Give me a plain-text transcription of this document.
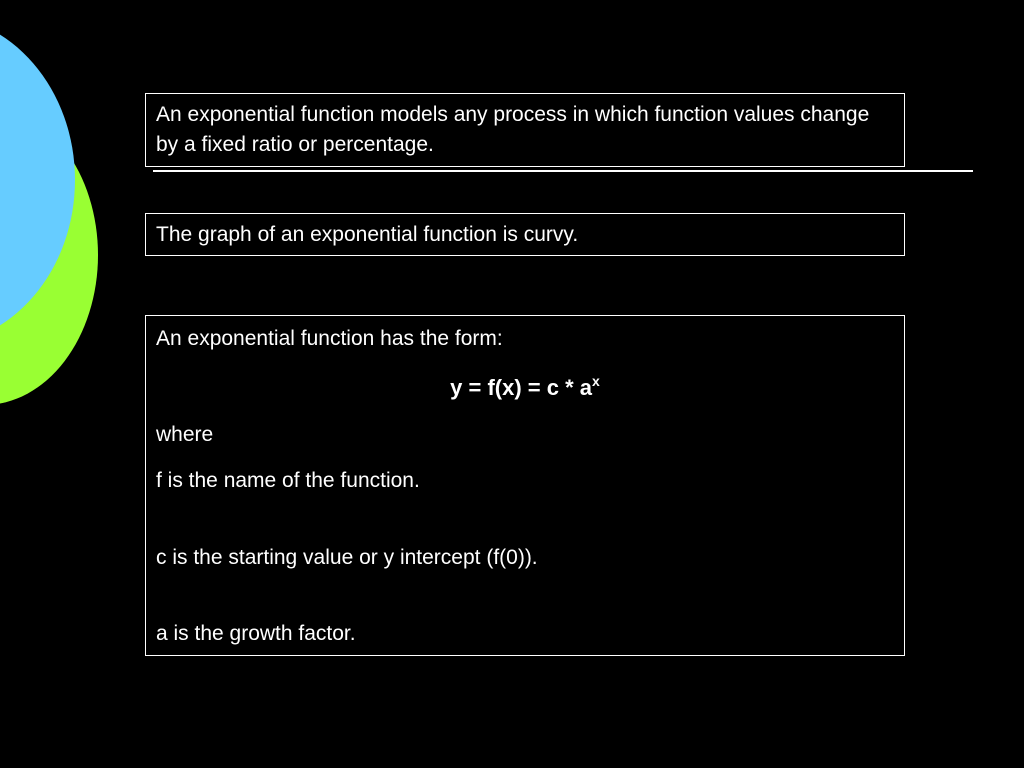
An exponential function models any process in which function values change by a fixed ratio or percentage.
The graph of an exponential function is curvy.
An exponential function has the form:
$y = f(x) = c * a^x$
where
f is the name of the function.
c is the starting value or y intercept (f(0)).
a is the growth factor.
